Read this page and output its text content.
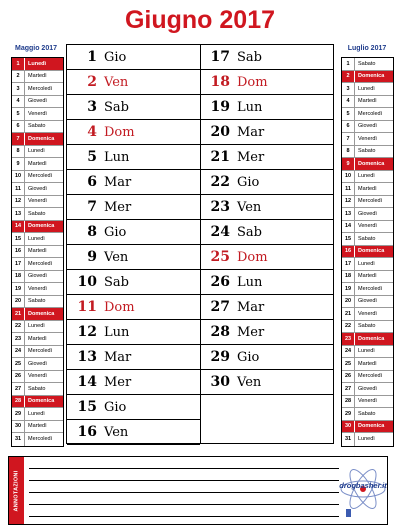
Giugno 2017
Maggio 2017
1	Lunedì
2	Martedì
3	Mercoledì
4	Giovedì
5	Venerdì
6	Sabato
7	Domenica
8	Lunedì
9	Martedì
10	Mercoledì
11	Giovedì
12	Venerdì
13	Sabato
14	Domenica
15	Lunedì
16	Martedì
17	Mercoledì
18	Giovedì
19	Venerdì
20	Sabato
21	Domenica
22	Lunedì
23	Martedì
24	Mercoledì
25	Giovedì
26	Venerdì
27	Sabato
28	Domenica
29	Lunedì
30	Martedì
31	Mercoledì
Luglio 2017
1	Sabato
2	Domenica
3	Lunedì
4	Martedì
5	Mercoledì
6	Giovedì
7	Venerdì
8	Sabato
9	Domenica
10	Lunedì
11	Martedì
12	Mercoledì
13	Giovedì
14	Venerdì
15	Sabato
16	Domenica
17	Lunedì
18	Martedì
19	Mercoledì
20	Giovedì
21	Venerdì
22	Sabato
23	Domenica
24	Lunedì
25	Martedì
26	Mercoledì
27	Giovedì
28	Venerdì
29	Sabato
30	Domenica
31	Lunedì
1 Gio
2 Ven
3 Sab
4 Dom
5 Lun
6 Mar
7 Mer
8 Gio
9 Ven
10 Sab
11 Dom
12 Lun
13 Mar
14 Mer
15 Gio
16 Ven
17 Sab
18 Dom
19 Lun
20 Mar
21 Mer
22 Gio
23 Ven
24 Sab
25 Dom
26 Lun
27 Mar
28 Mer
29 Gio
30 Ven
ANNOTAZIONI	drogbasher.it
